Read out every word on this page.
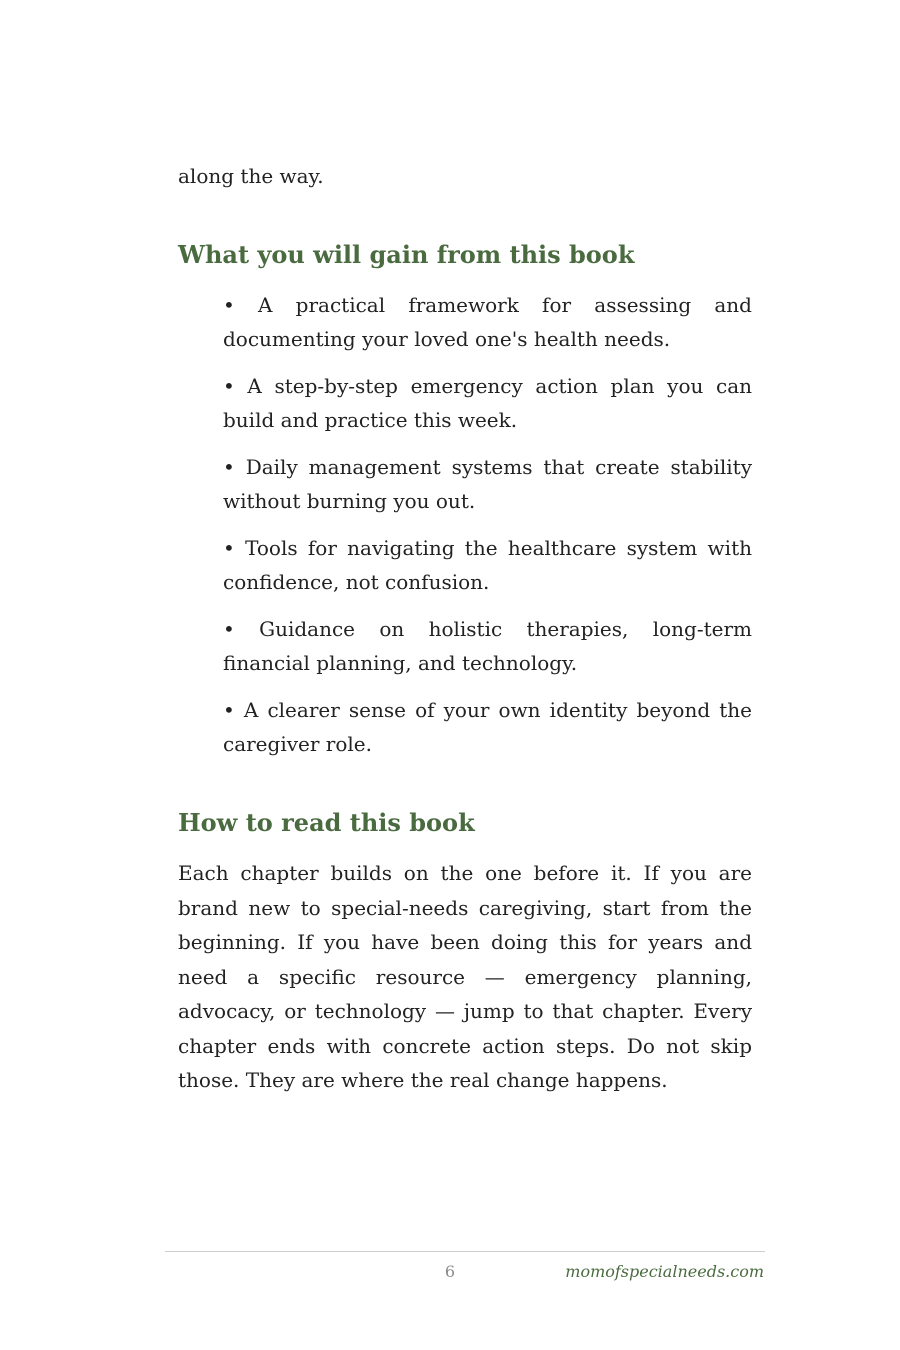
along the way.

What you will gain from this book
• A practical framework for assessing and documenting your loved one's health needs.
• A step-by-step emergency action plan you can build and practice this week.
• Daily management systems that create stability without burning you out.
• Tools for navigating the healthcare system with confidence, not confusion.
• Guidance on holistic therapies, long-term financial planning, and technology.
• A clearer sense of your own identity beyond the caregiver role.
How to read this book

Each chapter builds on the one before it. If you are brand new to special-needs caregiving, start from the beginning. If you have been doing this for years and need a specific resource — emergency planning, advocacy, or technology — jump to that chapter. Every chapter ends with concrete action steps. Do not skip those. They are where the real change happens.

6	momofspecialneeds.com
